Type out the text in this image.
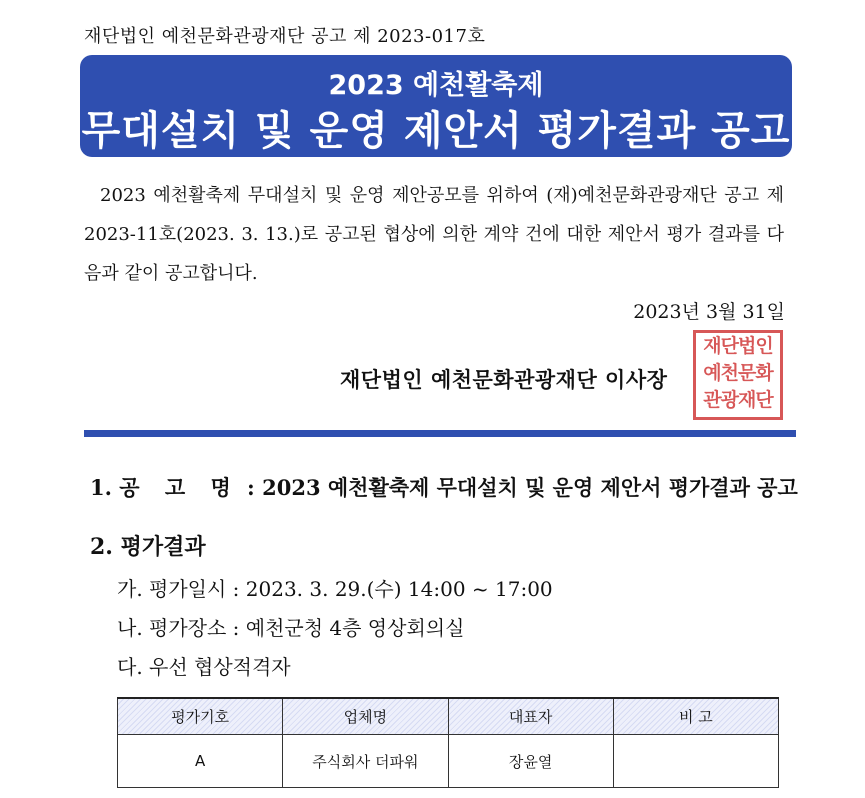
재단법인 예천문화관광재단 공고 제 2023-017호
2023 예천활축제
무대설치 및 운영 제안서 평가결과 공고
2023 예천활축제 무대설치 및 운영 제안공모를 위하여 (재)예천문화관광재단 공고 제2023-11호(2023. 3. 13.)로 공고된 협상에 의한 계약 건에 대한 제안서 평가 결과를 다음과 같이 공고합니다.
2023년 3월 31일
재단법인 예천문화관광재단 이사장
재단법인
예천문화
관광재단
1. 공 고 명 : 2023 예천활축제 무대설치 및 운영 제안서 평가결과 공고
2. 평가결과
가. 평가일시 : 2023. 3. 29.(수) 14:00 ~ 17:00
나. 평가장소 : 예천군청 4층 영상회의실
다. 우선 협상적격자
평가기호	업체명	대표자	비 고
A	주식회사 더파워	장윤열	
